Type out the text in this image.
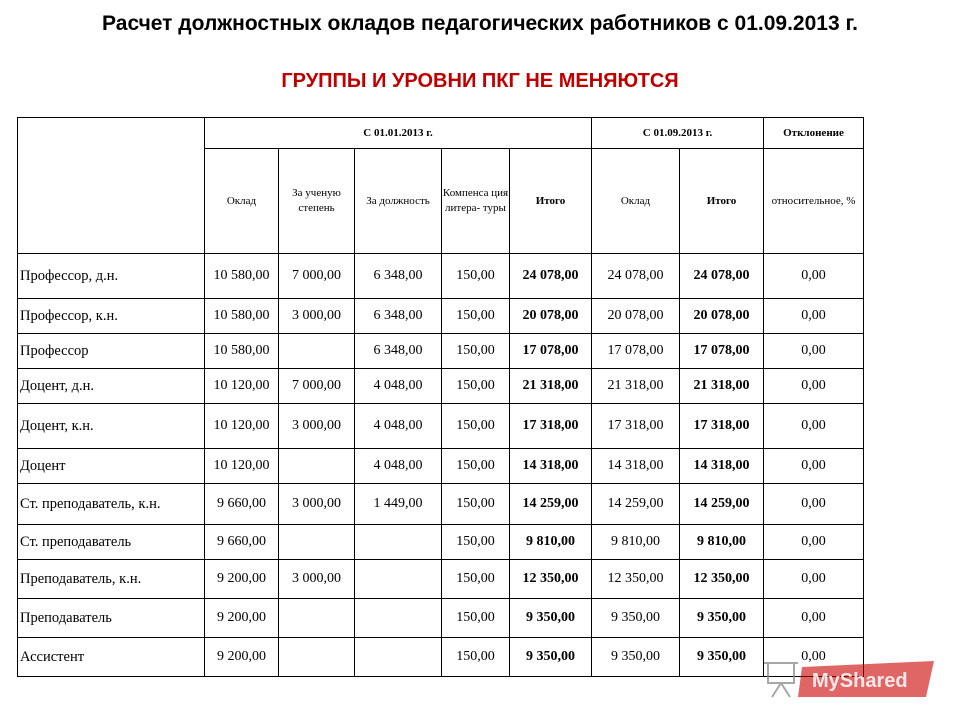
Расчет должностных окладов педагогических работников с 01.09.2013 г.
ГРУППЫ И УРОВНИ ПКГ НЕ МЕНЯЮТСЯ
	С 01.01.2013 г.					С 01.09.2013 г.		Отклонение
	Оклад	За ученую степень	За должность	Компенса ция литера- туры	Итого	Оклад	Итого	относительное, %
Профессор, д.н.	10 580,00	7 000,00	6 348,00	150,00	24 078,00	24 078,00	24 078,00	0,00
Профессор, к.н.	10 580,00	3 000,00	6 348,00	150,00	20 078,00	20 078,00	20 078,00	0,00
Профессор	10 580,00		6 348,00	150,00	17 078,00	17 078,00	17 078,00	0,00
Доцент, д.н.	10 120,00	7 000,00	4 048,00	150,00	21 318,00	21 318,00	21 318,00	0,00
Доцент, к.н.	10 120,00	3 000,00	4 048,00	150,00	17 318,00	17 318,00	17 318,00	0,00
Доцент	10 120,00		4 048,00	150,00	14 318,00	14 318,00	14 318,00	0,00
Ст. преподаватель, к.н.	9 660,00	3 000,00	1 449,00	150,00	14 259,00	14 259,00	14 259,00	0,00
Ст. преподаватель	9 660,00			150,00	9 810,00	9 810,00	9 810,00	0,00
Преподаватель, к.н.	9 200,00	3 000,00		150,00	12 350,00	12 350,00	12 350,00	0,00
Преподаватель	9 200,00			150,00	9 350,00	9 350,00	9 350,00	0,00
Ассистент	9 200,00			150,00	9 350,00	9 350,00	9 350,00	0,00
MyShared
